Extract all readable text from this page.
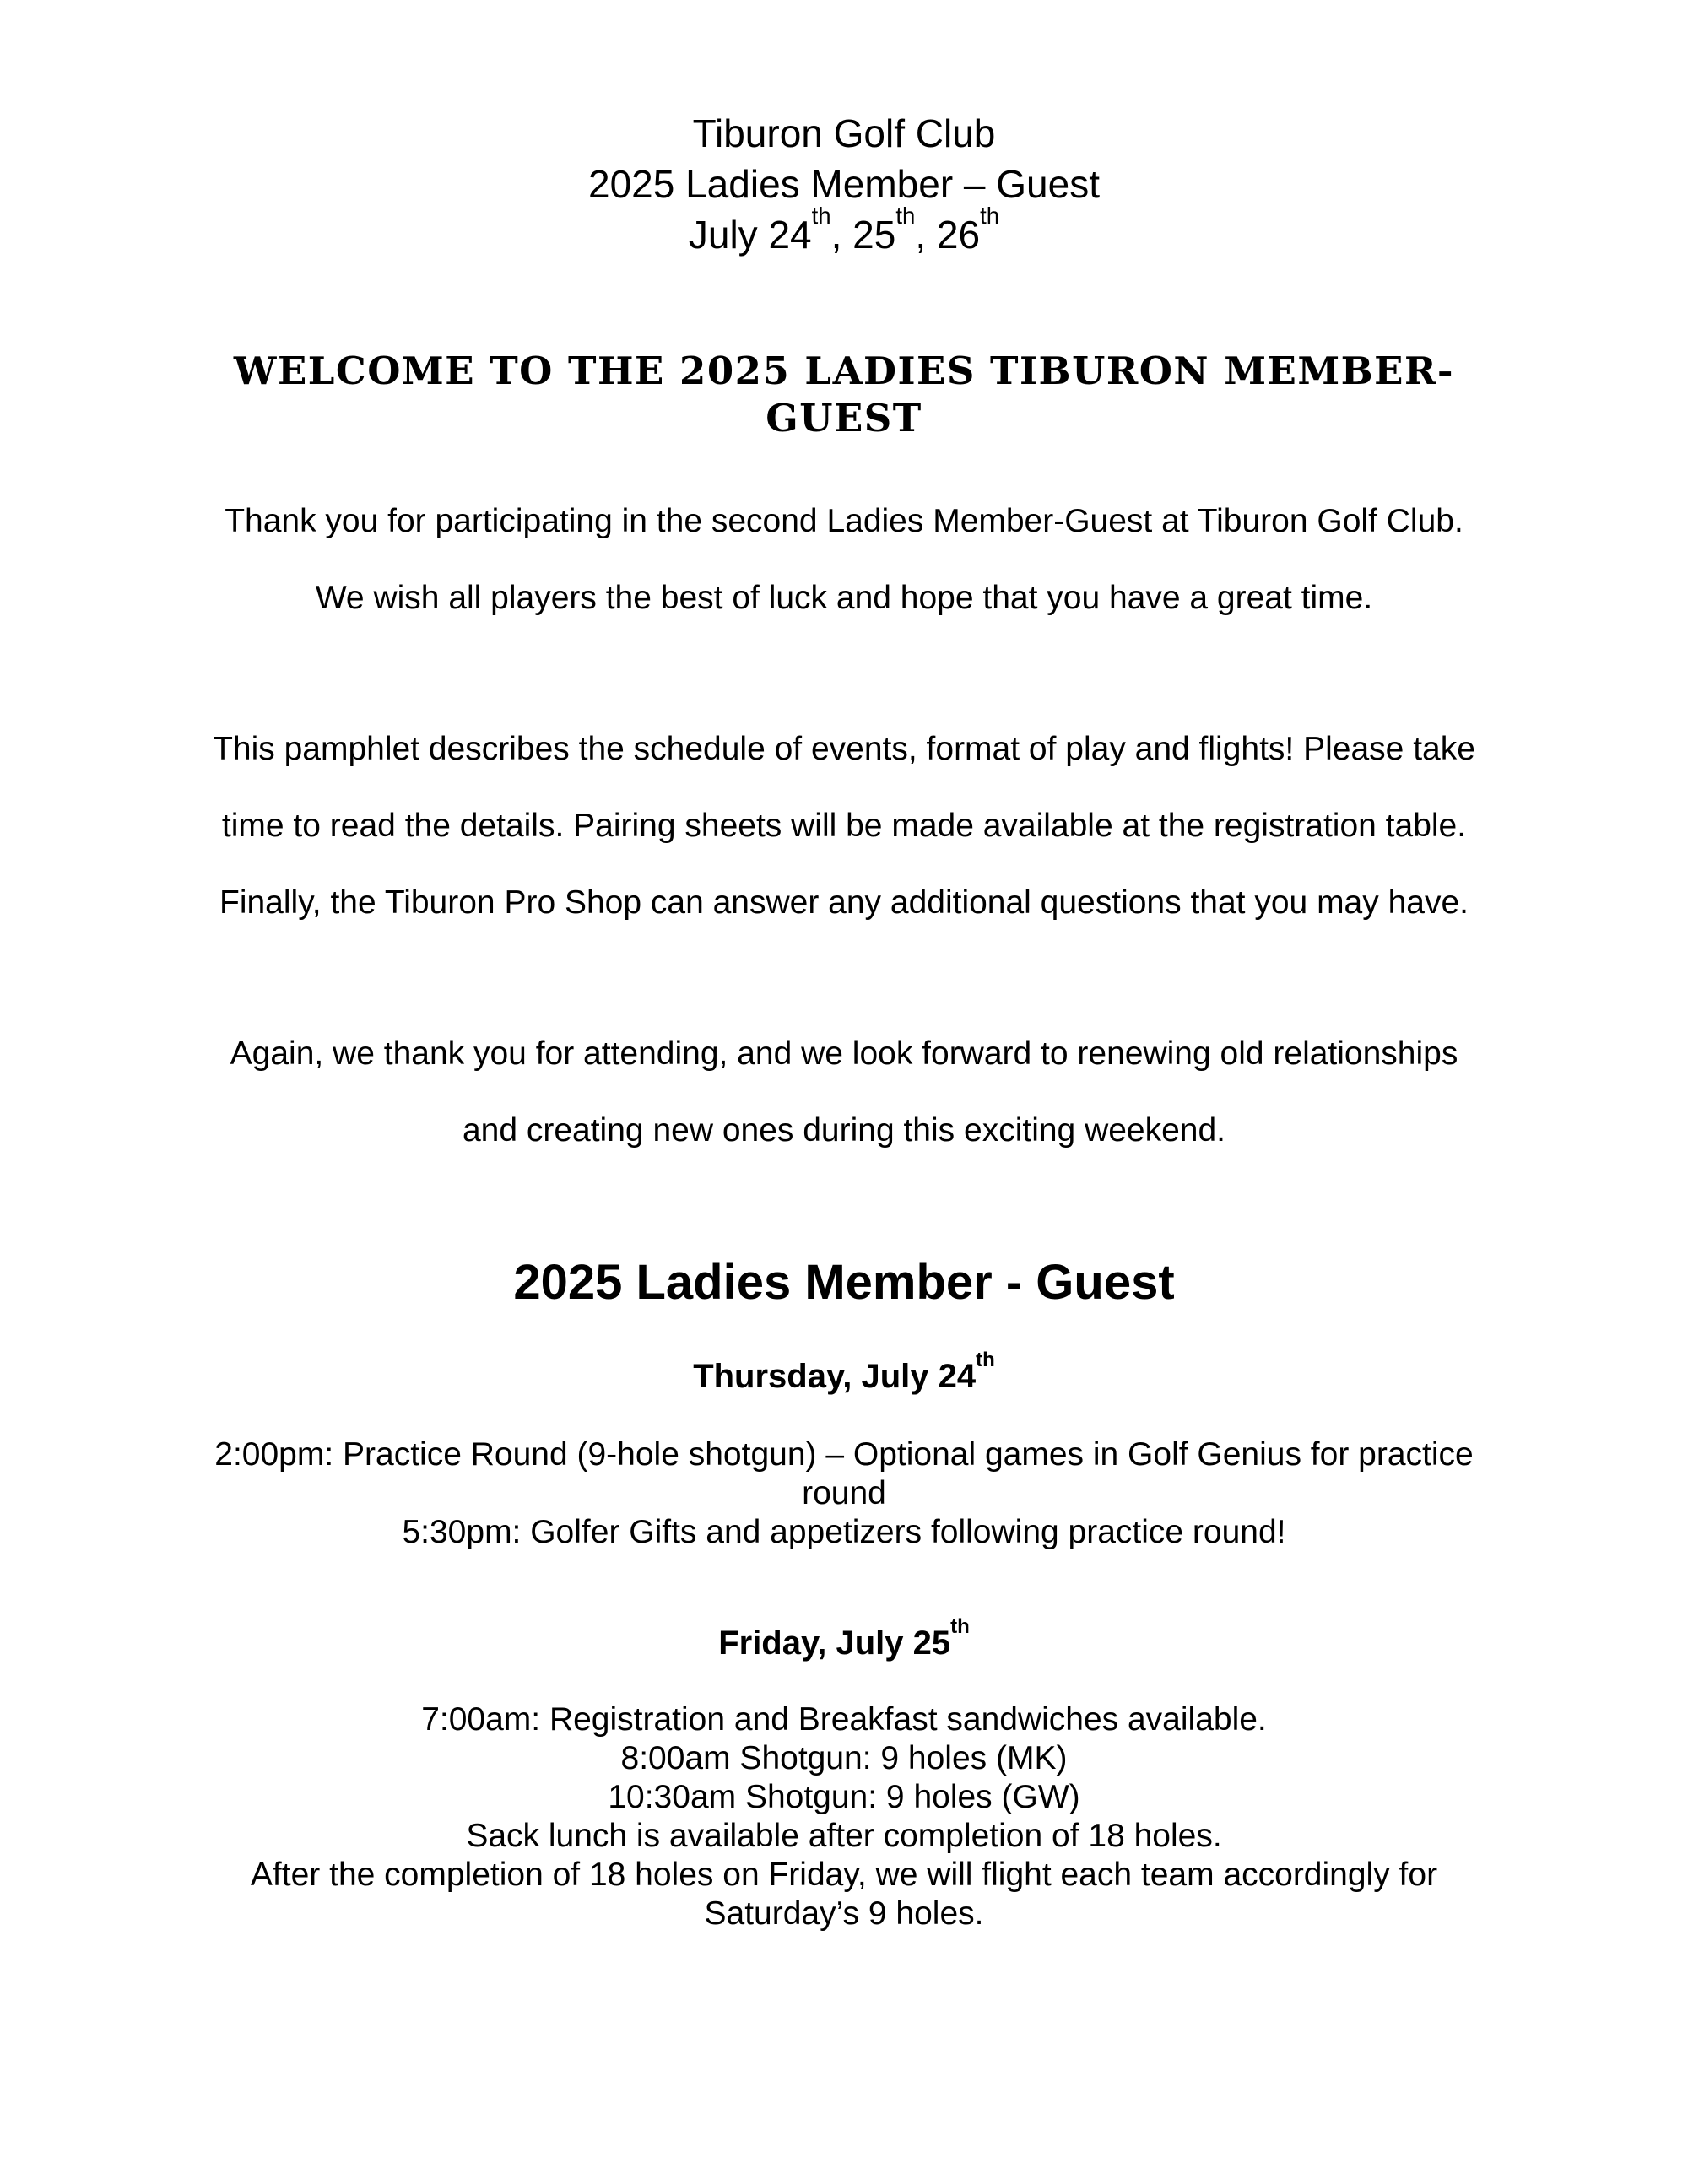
Tiburon Golf Club
2025 Ladies Member – Guest
July 24th, 25th, 26th
WELCOME TO THE 2025 LADIES TIBURON MEMBER-GUEST
Thank you for participating in the second Ladies Member-Guest at Tiburon Golf Club.
We wish all players the best of luck and hope that you have a great time.
This pamphlet describes the schedule of events, format of play and flights! Please take
time to read the details. Pairing sheets will be made available at the registration table.
Finally, the Tiburon Pro Shop can answer any additional questions that you may have.
Again, we thank you for attending, and we look forward to renewing old relationships
and creating new ones during this exciting weekend.
2025 Ladies Member - Guest
Thursday, July 24th
2:00pm: Practice Round (9-hole shotgun) – Optional games in Golf Genius for practice
round
5:30pm: Golfer Gifts and appetizers following practice round!
Friday, July 25th
7:00am: Registration and Breakfast sandwiches available.
8:00am Shotgun: 9 holes (MK)
10:30am Shotgun: 9 holes (GW)
Sack lunch is available after completion of 18 holes.
After the completion of 18 holes on Friday, we will flight each team accordingly for
Saturday’s 9 holes.
